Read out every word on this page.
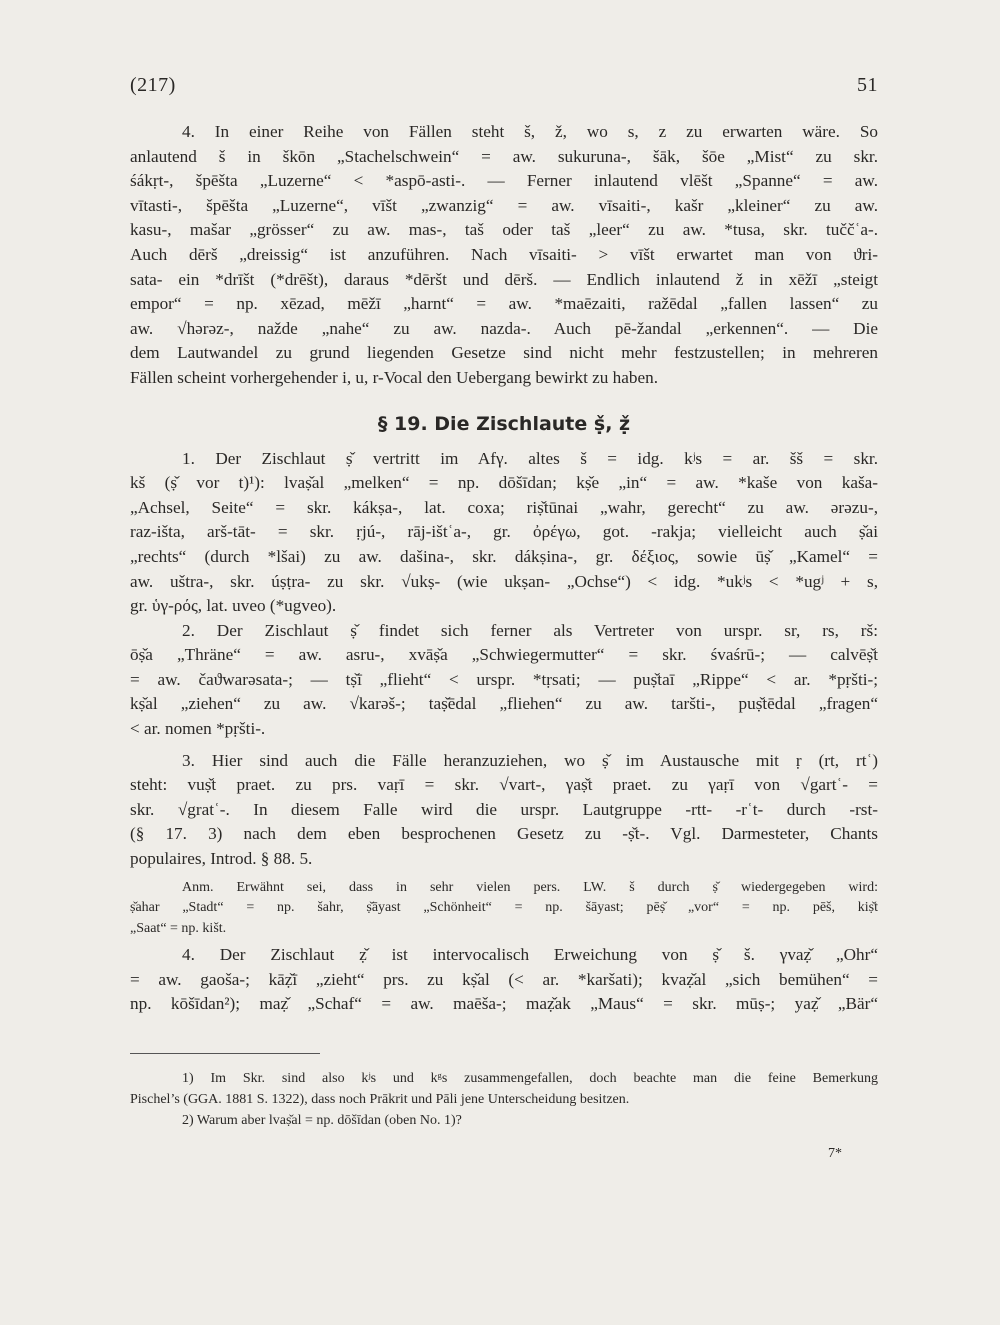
(217)	51
4. In einer Reihe von Fällen steht š, ž, wo s, z zu erwarten wäre. So
anlautend š in škōn „Stachelschwein“ = aw. sukuruna-, šāk, šōe „Mist“ zu skr.
śákṛt-, špēšta „Luzerne“ < *aspō-asti-. — Ferner inlautend vlēšt „Spanne“ = aw.
vītasti-, špēšta „Luzerne“, vīšt „zwanzig“ = aw. vīsaiti-, kašr „kleiner“ zu aw.
kasu-, mašar „grösser“ zu aw. mas-, taš oder taš „leer“ zu aw. *tusa, skr. tuččʿa-.
Auch dērš „dreissig“ ist anzuführen. Nach vīsaiti- > vīšt erwartet man von ϑri-
sata- ein *drīšt (*drēšt), daraus *dēršt und dērš. — Endlich inlautend ž in xēžī „steigt
empor“ = np. xēzad, mēžī „harnt“ = aw. *maēzaiti, ražēdal „fallen lassen“ zu
aw. √hərəz-, nažde „nahe“ zu aw. nazda-. Auch pē-žandal „erkennen“. — Die
dem Lautwandel zu grund liegenden Gesetze sind nicht mehr festzustellen; in mehreren
Fällen scheint vorhergehender i, u, r-Vocal den Uebergang bewirkt zu haben.
§ 19. Die Zischlaute ṣ̌, ẓ̌
1. Der Zischlaut ṣ̌ vertritt im Afγ. altes š = idg. kʲs = ar. šš = skr.
kš (ṣ̌ vor t)¹): lvaṣ̌al „melken“ = np. dōšīdan; kṣ̌e „in“ = aw. *kaše von kaša-
„Achsel, Seite“ = skr. kákṣa-, lat. coxa; riṣ̌tūnai „wahr, gerecht“ zu aw. ərəzu-,
raz-išta, arš-tāt- = skr. ṛjú-, rāj-ištʿa-, gr. ὀρέγω, got. -rakja; vielleicht auch ṣ̌ai
„rechts“ (durch *lšai) zu aw. dašina-, skr. dákṣina-, gr. δέξιος, sowie ūṣ̌ „Kamel“ =
aw. uštra-, skr. úṣṭra- zu skr. √ukṣ- (wie ukṣan- „Ochse“) < idg. *ukʲs < *ugʲ + s,
gr. ὑγ-ρός, lat. uveo (*ugveo).
2. Der Zischlaut ṣ̌ findet sich ferner als Vertreter von urspr. sr, rs, rš:
ōṣ̌a „Thräne“ = aw. asru-, xvāṣ̌a „Schwiegermutter“ = skr. śvaśrū-; — calvēṣ̌t
= aw. čaϑwarəsata-; — tṣ̌ī „flieht“ < urspr. *tṛsati; — puṣ̌taī „Rippe“ < ar. *pṛšti-;
kṣ̌al „ziehen“ zu aw. √karəš-; taṣ̌ēdal „fliehen“ zu aw. taršti-, puṣ̌tēdal „fragen“
< ar. nomen *pṛšti-.
3. Hier sind auch die Fälle heranzuziehen, wo ṣ̌ im Austausche mit ṛ (rt, rtʿ)
steht: vuṣ̌t praet. zu prs. vaṛī = skr. √vart-, γaṣ̌t praet. zu γaṛī von √gartʿ- =
skr. √gratʿ-. In diesem Falle wird die urspr. Lautgruppe -rtt- -rʿt- durch -rst-
(§ 17. 3) nach dem eben besprochenen Gesetz zu -ṣ̌t-. Vgl. Darmesteter, Chants
populaires, Introd. § 88. 5.
Anm. Erwähnt sei, dass in sehr vielen pers. LW. š durch ṣ̌ wiedergegeben wird:
ṣ̌ahar „Stadt“ = np. šahr, ṣ̌āyast „Schönheit“ = np. šāyast; pēṣ̌ „vor“ = np. pēš, kiṣ̌t
„Saat“ = np. kišt.
4. Der Zischlaut ẓ̌ ist intervocalisch Erweichung von ṣ̌ š. γvaẓ̌ „Ohr“
= aw. gaoša-; kāẓ̌ī „zieht“ prs. zu kṣ̌al (< ar. *karšati); kvaẓ̌al „sich bemühen“ =
np. kōšīdan²); maẓ̌ „Schaf“ = aw. maēša-; maẓ̌ak „Maus“ = skr. mūṣ-; yaẓ̌ „Bär“
1) Im Skr. sind also kʲs und kᵍs zusammengefallen, doch beachte man die feine Bemerkung
Pischel’s (GGA. 1881 S. 1322), dass noch Prākrit und Pāli jene Unterscheidung besitzen.
2) Warum aber lvaṣ̌al = np. dōšīdan (oben No. 1)?
7*
